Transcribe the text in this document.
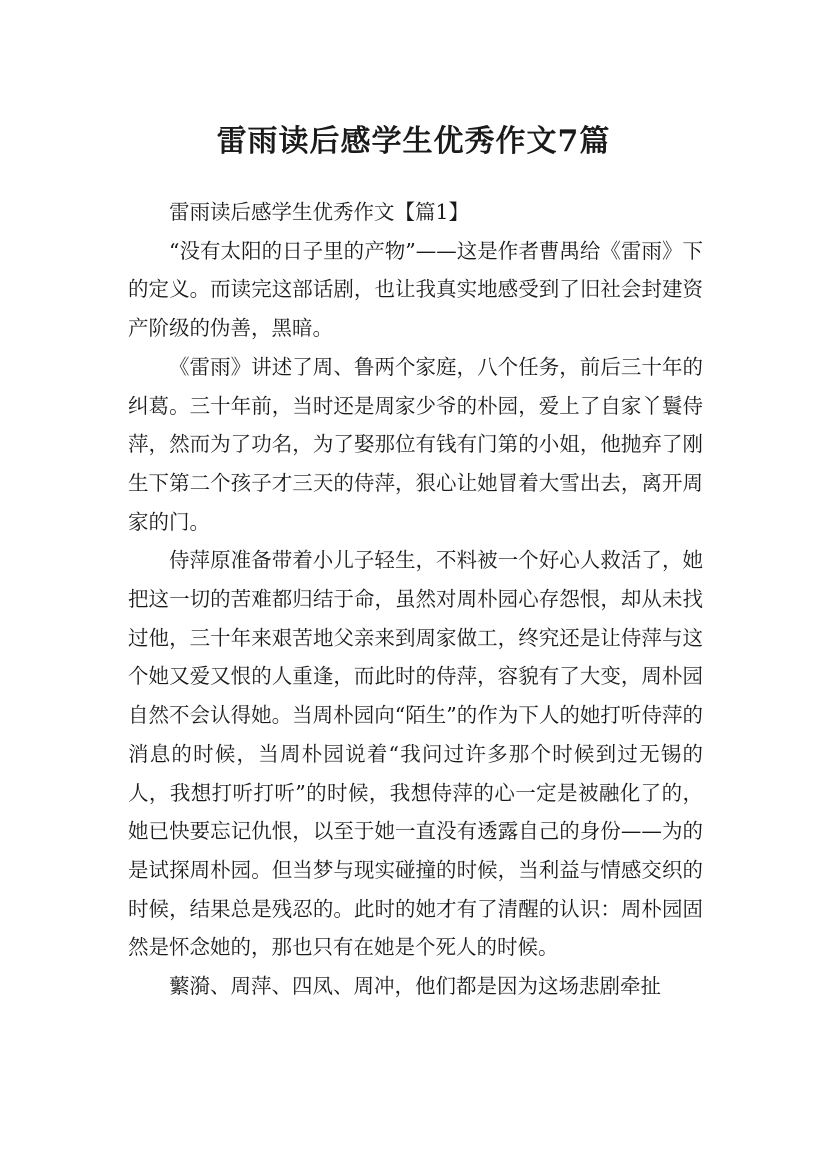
雷雨读后感学生优秀作文7篇

雷雨读后感学生优秀作文【篇1】

“没有太阳的日子里的产物”——这是作者曹禺给《雷雨》下的定义。而读完这部话剧，也让我真实地感受到了旧社会封建资产阶级的伪善，黑暗。

《雷雨》讲述了周、鲁两个家庭，八个任务，前后三十年的纠葛。三十年前，当时还是周家少爷的朴园，爱上了自家丫鬟侍萍，然而为了功名，为了娶那位有钱有门第的小姐，他抛弃了刚生下第二个孩子才三天的侍萍，狠心让她冒着大雪出去，离开周家的门。

侍萍原准备带着小儿子轻生，不料被一个好心人救活了，她把这一切的苦难都归结于命，虽然对周朴园心存怨恨，却从未找过他，三十年来艰苦地父亲来到周家做工，终究还是让侍萍与这个她又爱又恨的人重逢，而此时的侍萍，容貌有了大变，周朴园自然不会认得她。当周朴园向“陌生”的作为下人的她打听侍萍的消息的时候，当周朴园说着“我问过许多那个时候到过无锡的人，我想打听打听”的时候，我想侍萍的心一定是被融化了的，她已快要忘记仇恨，以至于她一直没有透露自己的身份——为的是试探周朴园。但当梦与现实碰撞的时候，当利益与情感交织的时候，结果总是残忍的。此时的她才有了清醒的认识：周朴园固然是怀念她的，那也只有在她是个死人的时候。

蘩漪、周萍、四凤、周冲，他们都是因为这场悲剧牵扯
